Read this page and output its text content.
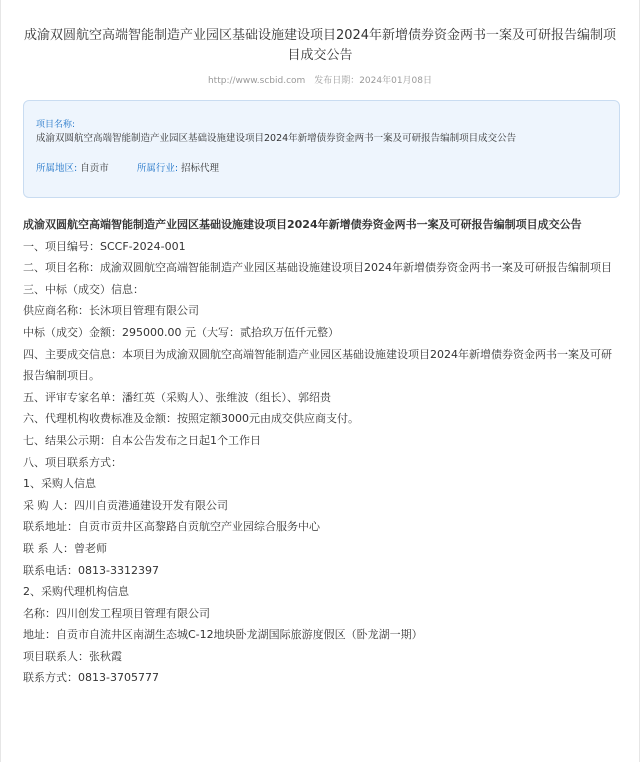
成渝双圆航空高端智能制造产业园区基础设施建设项目2024年新增债券资金两书一案及可研报告编制项目成交公告
http://www.scbid.com 发布日期：2024年01月08日
项目名称:
成渝双圆航空高端智能制造产业园区基础设施建设项目2024年新增债券资金两书一案及可研报告编制项目成交公告
所属地区: 自贡市	所属行业: 招标代理

成渝双圆航空高端智能制造产业园区基础设施建设项目2024年新增债券资金两书一案及可研报告编制项目成交公告

一、项目编号：SCCF-2024-001

二、项目名称：成渝双圆航空高端智能制造产业园区基础设施建设项目2024年新增债券资金两书一案及可研报告编制项目

三、中标（成交）信息：

供应商名称：长沐项目管理有限公司

中标（成交）金额：295000.00 元（大写：贰拾玖万伍仟元整）

四、主要成交信息：本项目为成渝双圆航空高端智能制造产业园区基础设施建设项目2024年新增债券资金两书一案及可研报告编制项目。

五、评审专家名单：潘红英（采购人）、张维波（组长）、郭绍贵

六、代理机构收费标准及金额：按照定额3000元由成交供应商支付。

七、结果公示期：自本公告发布之日起1个工作日

八、项目联系方式：

1、采购人信息

采 购 人：四川自贡港通建设开发有限公司

联系地址：自贡市贡井区高黎路自贡航空产业园综合服务中心

联 系 人：曾老师

联系电话：0813-3312397

2、采购代理机构信息

名称：四川创发工程项目管理有限公司

地址：自贡市自流井区南湖生态城C-12地块卧龙湖国际旅游度假区（卧龙湖一期）

项目联系人：张秋霞

联系方式：0813-3705777
